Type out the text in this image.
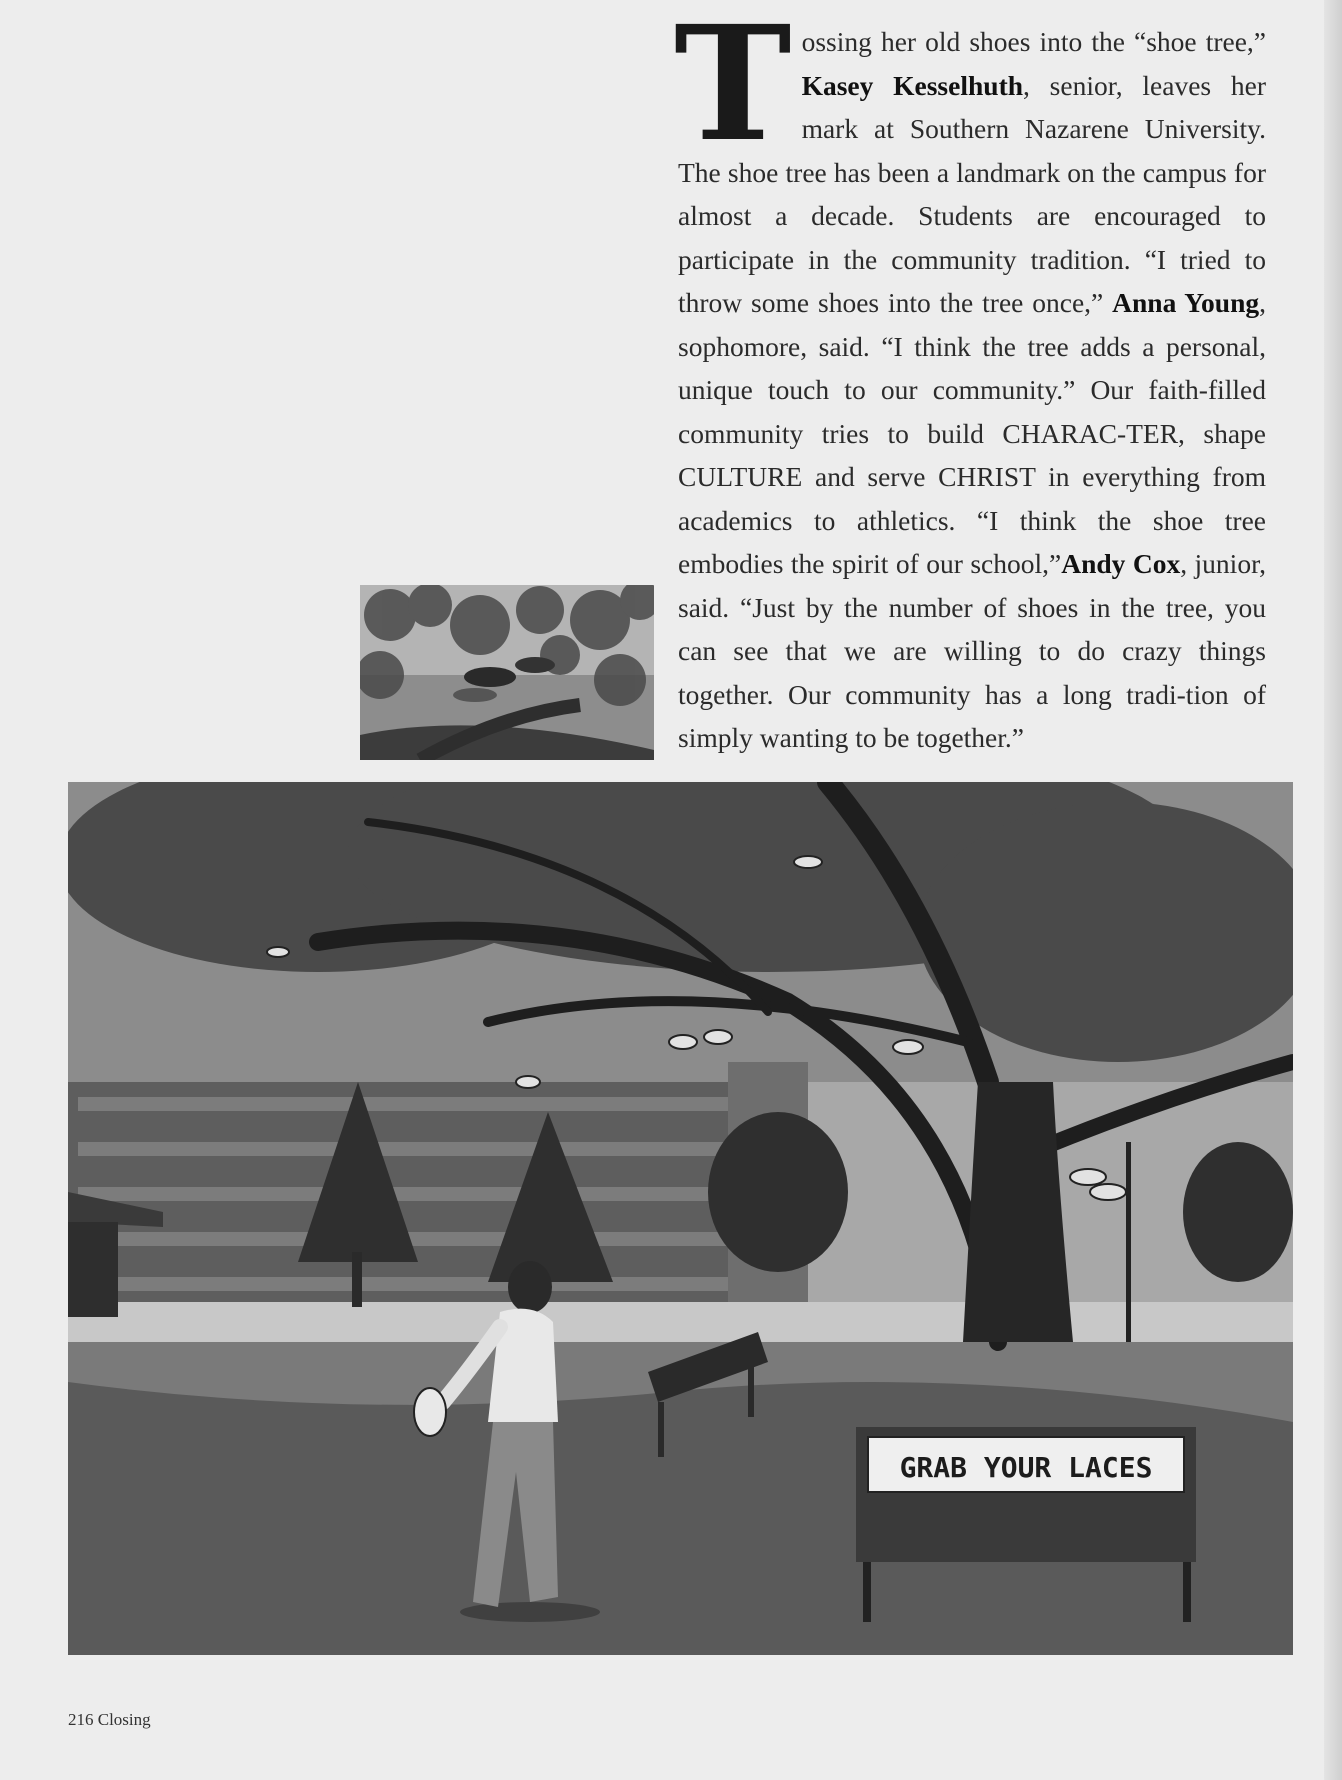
Tossing her old shoes into the “shoe tree,” Kasey Kesselhuth, senior, leaves her mark at Southern Nazarene University. The shoe tree has been a landmark on the campus for almost a decade. Students are encouraged to participate in the community tradition. “I tried to throw some shoes into the tree once,” Anna Young, sophomore, said. “I think the tree adds a personal, unique touch to our community.” Our faith-filled community tries to build CHARAC-TER, shape CULTURE and serve CHRIST in everything from academics to athletics. “I think the shoe tree embodies the spirit of our school,”Andy Cox, junior, said. “Just by the number of shoes in the tree, you can see that we are willing to do crazy things together. Our community has a long tradi-tion of simply wanting to be together.”

GRAB YOUR LACES
216 Closing
